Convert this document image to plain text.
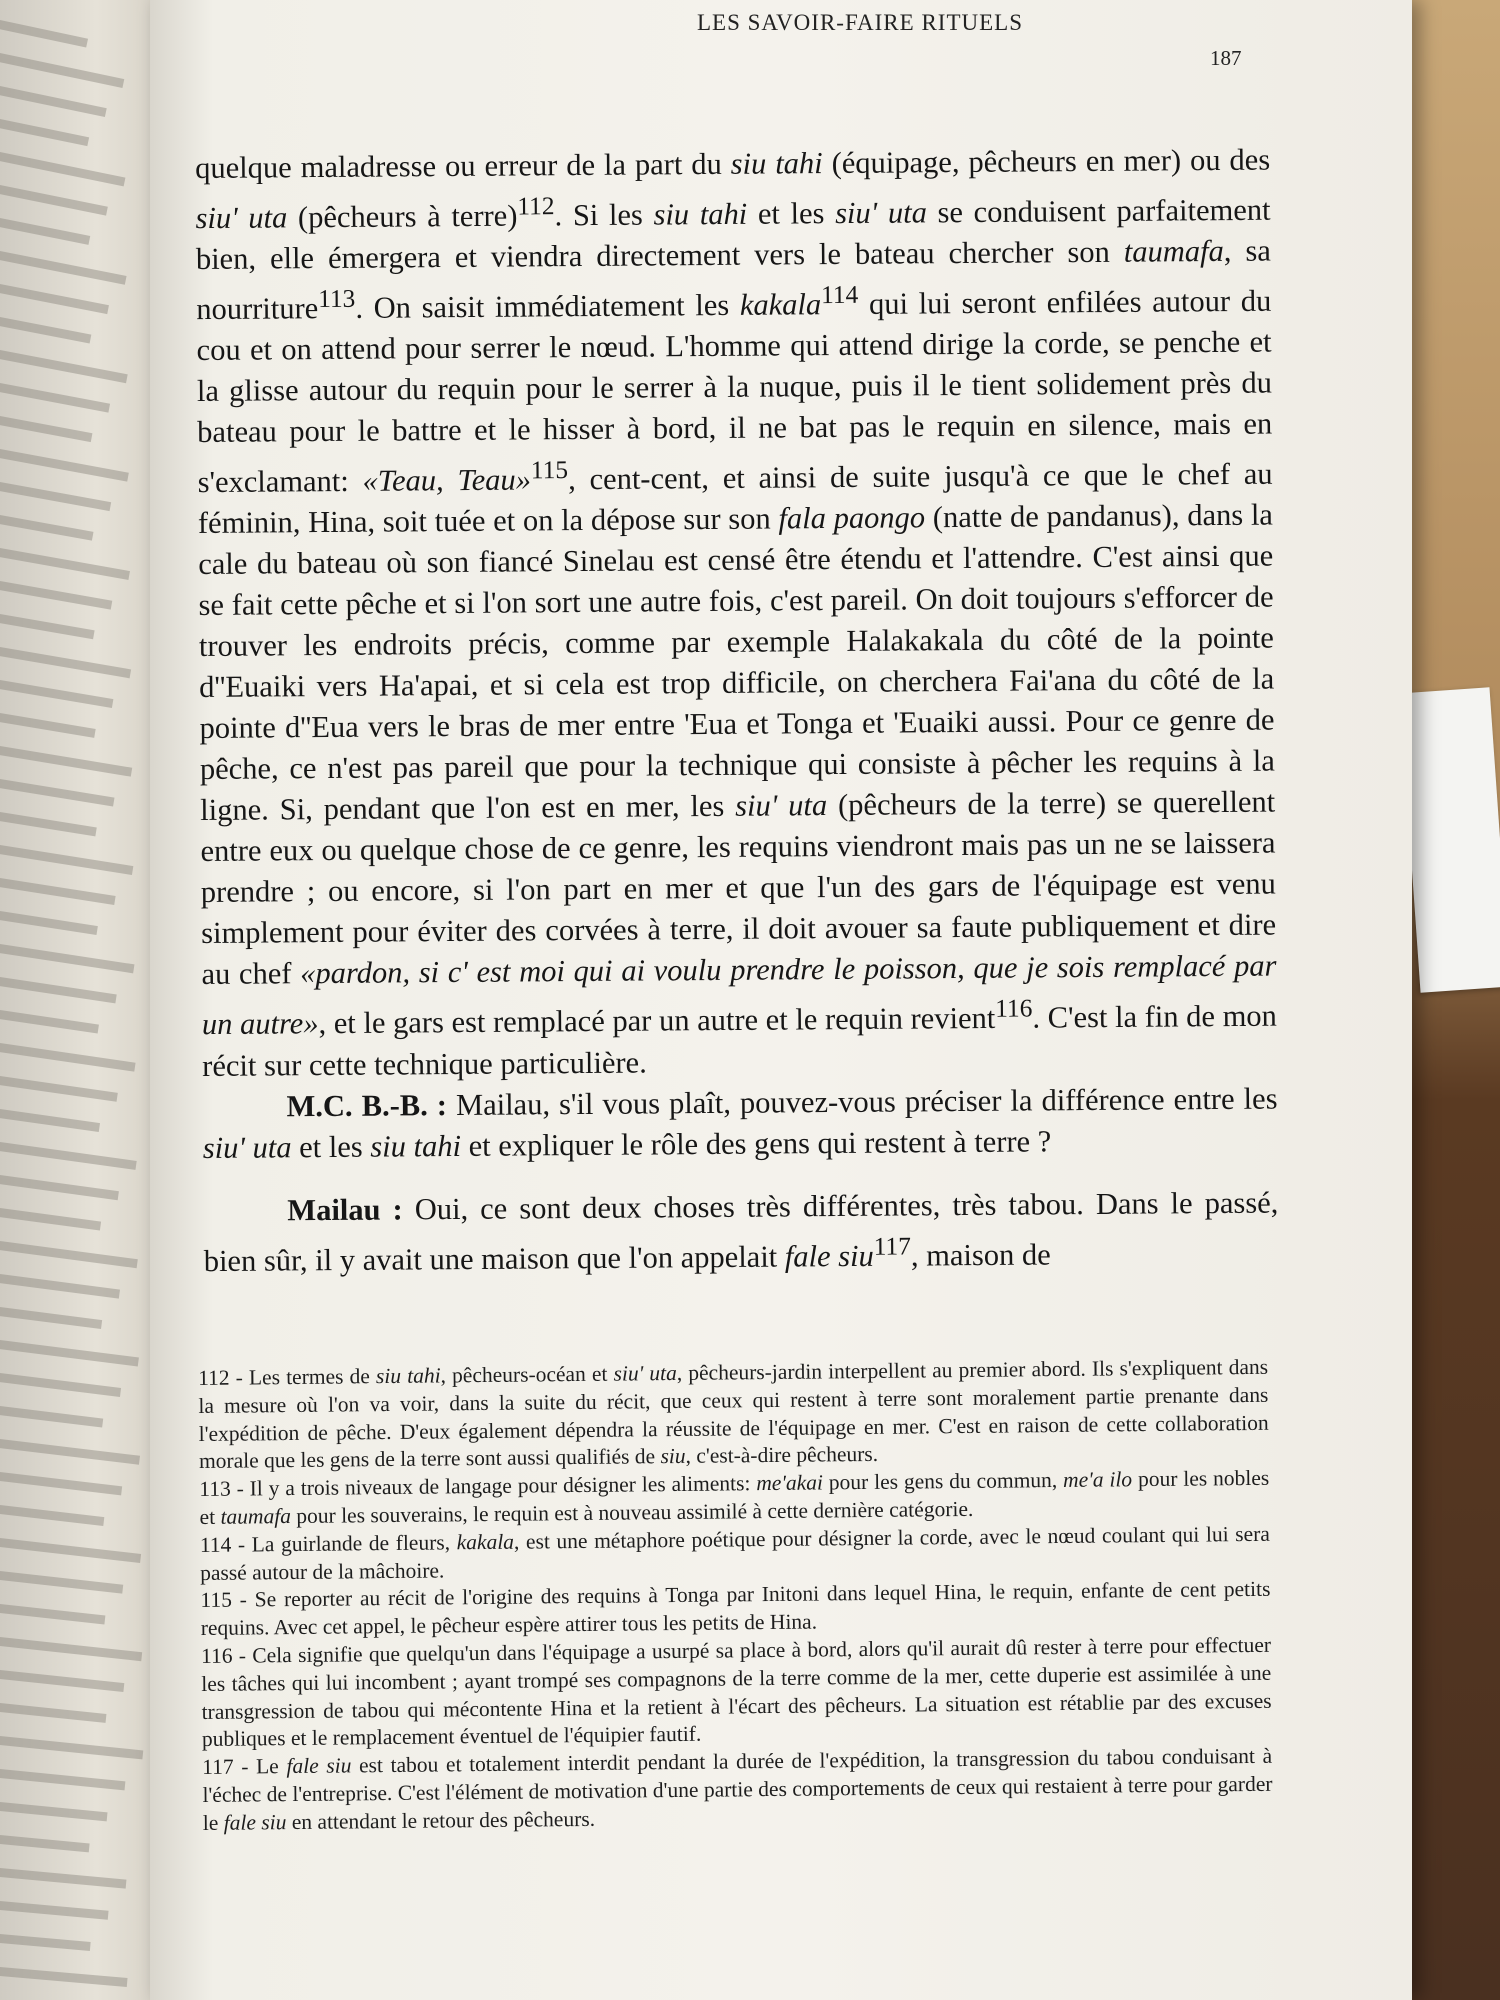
LES SAVOIR-FAIRE RITUELS
187

quelque maladresse ou erreur de la part du siu tahi (équipage, pêcheurs en mer) ou des siu' uta (pêcheurs à terre)$^{112}$. Si les siu tahi et les siu' uta se conduisent parfaitement bien, elle émergera et viendra directement vers le bateau chercher son taumafa, sa nourriture$^{113}$. On saisit immédiatement les kakala$^{114}$ qui lui seront enfilées autour du cou et on attend pour serrer le nœud. L'homme qui attend dirige la corde, se penche et la glisse autour du requin pour le serrer à la nuque, puis il le tient solidement près du bateau pour le battre et le hisser à bord, il ne bat pas le requin en silence, mais en s'exclamant: «Teau, Teau»$^{115}$, cent-cent, et ainsi de suite jusqu'à ce que le chef au féminin, Hina, soit tuée et on la dépose sur son fala paongo (natte de pandanus), dans la cale du bateau où son fiancé Sinelau est censé être étendu et l'attendre. C'est ainsi que se fait cette pêche et si l'on sort une autre fois, c'est pareil. On doit toujours s'efforcer de trouver les endroits précis, comme par exemple Halakakala du côté de la pointe d''Euaiki vers Ha'apai, et si cela est trop difficile, on cherchera Fai'ana du côté de la pointe d''Eua vers le bras de mer entre 'Eua et Tonga et 'Euaiki aussi. Pour ce genre de pêche, ce n'est pas pareil que pour la technique qui consiste à pêcher les requins à la ligne. Si, pendant que l'on est en mer, les siu' uta (pêcheurs de la terre) se querellent entre eux ou quelque chose de ce genre, les requins viendront mais pas un ne se laissera prendre ; ou encore, si l'on part en mer et que l'un des gars de l'équipage est venu simplement pour éviter des corvées à terre, il doit avouer sa faute publiquement et dire au chef «pardon, si c' est moi qui ai voulu prendre le poisson, que je sois remplacé par un autre», et le gars est remplacé par un autre et le requin revient$^{116}$. C'est la fin de mon récit sur cette technique particulière.

M.C. B.-B. : Mailau, s'il vous plaît, pouvez-vous préciser la différence entre les siu' uta et les siu tahi et expliquer le rôle des gens qui restent à terre ?

Mailau : Oui, ce sont deux choses très différentes, très tabou. Dans le passé, bien sûr, il y avait une maison que l'on appelait fale siu$^{117}$, maison de

112 - Les termes de siu tahi, pêcheurs-océan et siu' uta, pêcheurs-jardin interpellent au premier abord. Ils s'expliquent dans la mesure où l'on va voir, dans la suite du récit, que ceux qui restent à terre sont moralement partie prenante dans l'expédition de pêche. D'eux également dépendra la réussite de l'équipage en mer. C'est en raison de cette collaboration morale que les gens de la terre sont aussi qualifiés de siu, c'est-à-dire pêcheurs.

113 - Il y a trois niveaux de langage pour désigner les aliments: me'akai pour les gens du commun, me'a ilo pour les nobles et taumafa pour les souverains, le requin est à nouveau assimilé à cette dernière catégorie.

114 - La guirlande de fleurs, kakala, est une métaphore poétique pour désigner la corde, avec le nœud coulant qui lui sera passé autour de la mâchoire.

115 - Se reporter au récit de l'origine des requins à Tonga par Initoni dans lequel Hina, le requin, enfante de cent petits requins. Avec cet appel, le pêcheur espère attirer tous les petits de Hina.

116 - Cela signifie que quelqu'un dans l'équipage a usurpé sa place à bord, alors qu'il aurait dû rester à terre pour effectuer les tâches qui lui incombent ; ayant trompé ses compagnons de la terre comme de la mer, cette duperie est assimilée à une transgression de tabou qui mécontente Hina et la retient à l'écart des pêcheurs. La situation est rétablie par des excuses publiques et le remplacement éventuel de l'équipier fautif.

117 - Le fale siu est tabou et totalement interdit pendant la durée de l'expédition, la transgression du tabou conduisant à l'échec de l'entreprise. C'est l'élément de motivation d'une partie des comportements de ceux qui restaient à terre pour garder le fale siu en attendant le retour des pêcheurs.
